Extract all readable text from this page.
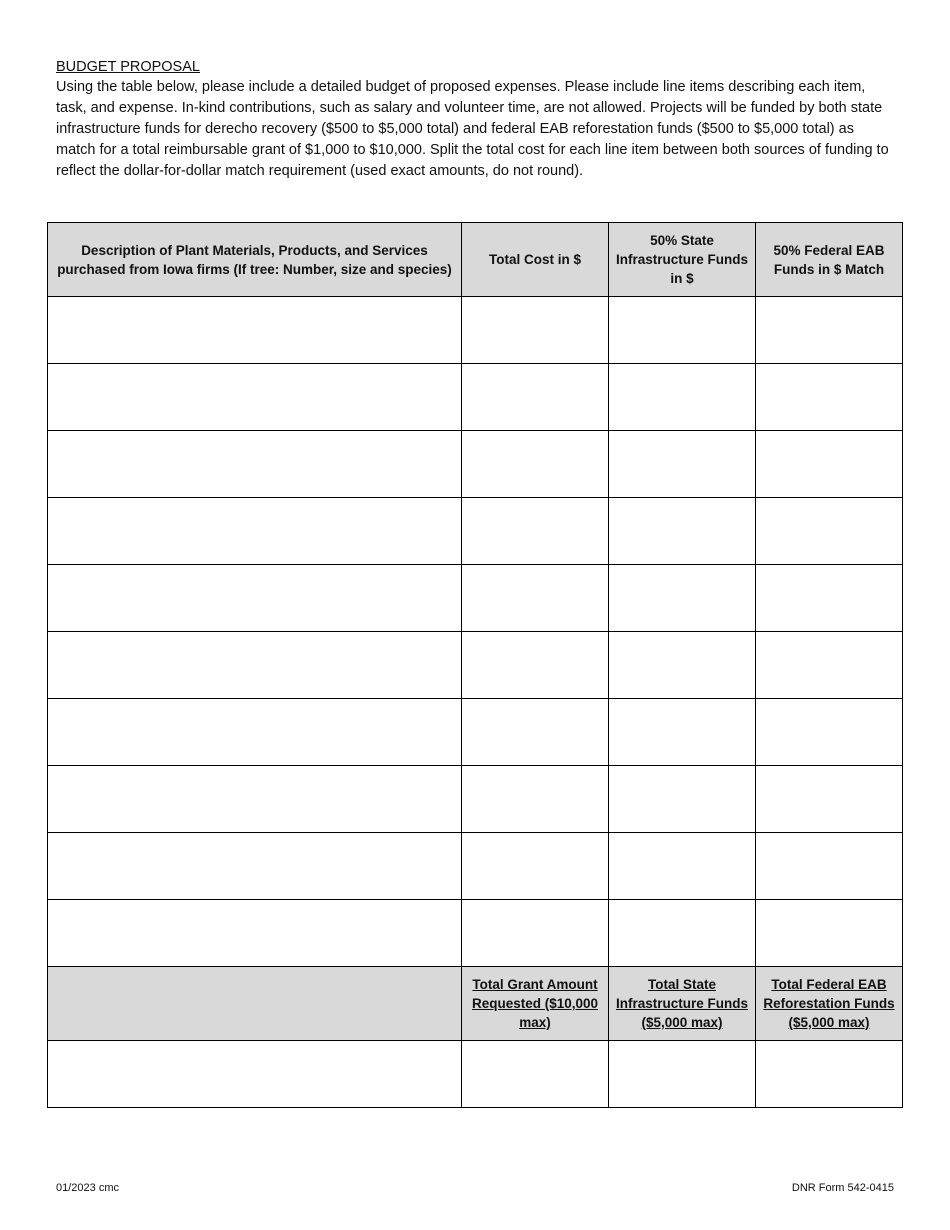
BUDGET PROPOSAL
Using the table below, please include a detailed budget of proposed expenses. Please include line items describing each item, task, and expense. In-kind contributions, such as salary and volunteer time, are not allowed. Projects will be funded by both state infrastructure funds for derecho recovery ($500 to $5,000 total) and federal EAB reforestation funds ($500 to $5,000 total) as match for a total reimbursable grant of $1,000 to $10,000. Split the total cost for each line item between both sources of funding to reflect the dollar-for-dollar match requirement (used exact amounts, do not round).
Description of Plant Materials, Products, and Services purchased from Iowa firms (If tree: Number, size and species)	Total Cost in $	50% State Infrastructure Funds in $	50% Federal EAB Funds in $ Match

	Total Grant Amount Requested ($10,000 max)	Total State Infrastructure Funds ($5,000 max)	Total Federal EAB Reforestation Funds ($5,000 max)

01/2023 cmc	DNR Form 542-0415
